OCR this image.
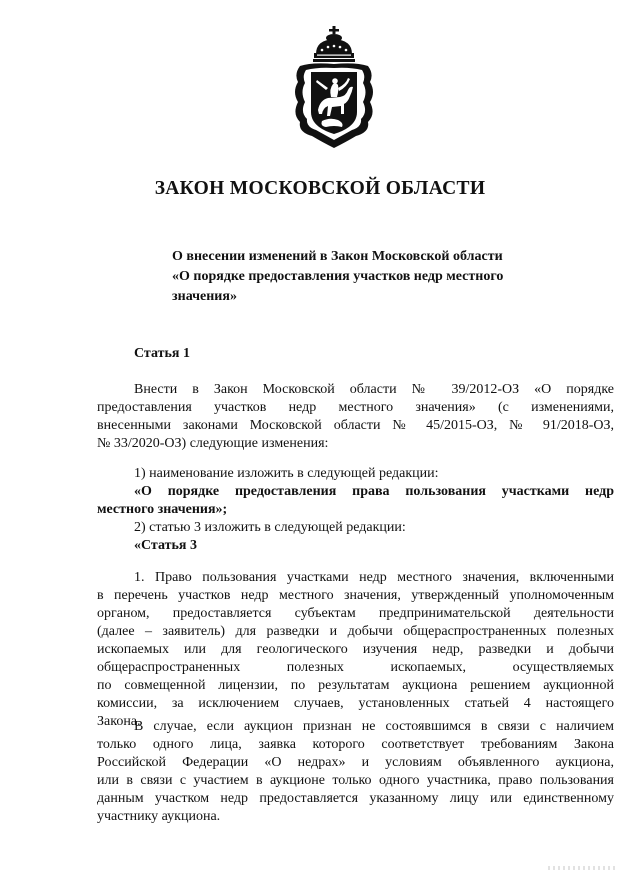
ЗАКОН МОСКОВСКОЙ ОБЛАСТИ
О внесении изменений в Закон Московской области
«О порядке предоставления участков недр местного
значения»
Статья 1
Внести в Закон Московской области № 39/2012-ОЗ «О порядке
предоставления участков недр местного значения» (с изменениями,
внесенными законами Московской области № 45/2015-ОЗ, № 91/2018-ОЗ,
№ 33/2020-ОЗ) следующие изменения:
1) наименование изложить в следующей редакции:
«О порядке предоставления права пользования участками недр
местного значения»;
2) статью 3 изложить в следующей редакции:
«Статья 3
1. Право пользования участками недр местного значения, включенными
в перечень участков недр местного значения, утвержденный уполномоченным
органом, предоставляется субъектам предпринимательской деятельности
(далее – заявитель) для разведки и добычи общераспространенных полезных
ископаемых или для геологического изучения недр, разведки и добычи
общераспространенных полезных ископаемых, осуществляемых
по совмещенной лицензии, по результатам аукциона решением аукционной
комиссии, за исключением случаев, установленных статьей 4 настоящего
Закона.
В случае, если аукцион признан не состоявшимся в связи с наличием
только одного лица, заявка которого соответствует требованиям Закона
Российской Федерации «О недрах» и условиям объявленного аукциона,
или в связи с участием в аукционе только одного участника, право пользования
данным участком недр предоставляется указанному лицу или единственному
участнику аукциона.
